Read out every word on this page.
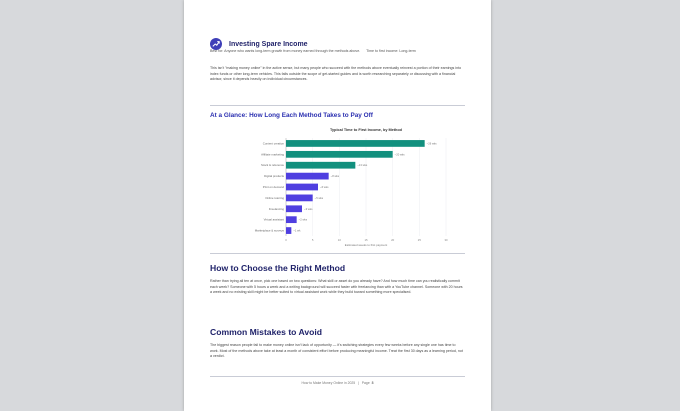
Investing Spare Income
Best for: Anyone who wants long-term growth from money earned through the methods above. Time to first income: Long-term
This isn't "making money online" in the active sense, but many people who succeed with the methods above eventually reinvest a portion of their earnings into index funds or other long-term vehicles. This falls outside the scope of get-started guides and is worth researching separately or discussing with a financial advisor, since it depends heavily on individual circumstances.
At a Glance: How Long Each Method Takes to Pay Off
Typical Time to First Income, by Method
0	5	10	15	20	25	30
Content creation	~26 wks
Affiliate marketing	~20 wks
Stock & reference	~13 wks
Digital products	~8 wks
Print on demand	~6 wks
Online tutoring	~5 wks
Freelancing	~3 wks
Virtual assistant	~2 wks
Marketplace & surveys	~1 wk
Estimated weeks to first payment
How to Choose the Right Method
Rather than trying all ten at once, pick one based on two questions: What skill or asset do you already have? And how much time can you realistically commit each week? Someone with 5 hours a week and a writing background will succeed faster with freelancing than with a YouTube channel. Someone with 20 hours a week and no existing skill might be better suited to virtual assistant work while they build toward something more specialised.
Common Mistakes to Avoid
The biggest reason people fail to make money online isn't lack of opportunity — it's switching strategies every few weeks before any single one has time to work. Most of the methods above take at least a month of consistent effort before producing meaningful income. Treat the first 30 days as a learning period, not a verdict.
How to Make Money Online in 2025 | Page 8
